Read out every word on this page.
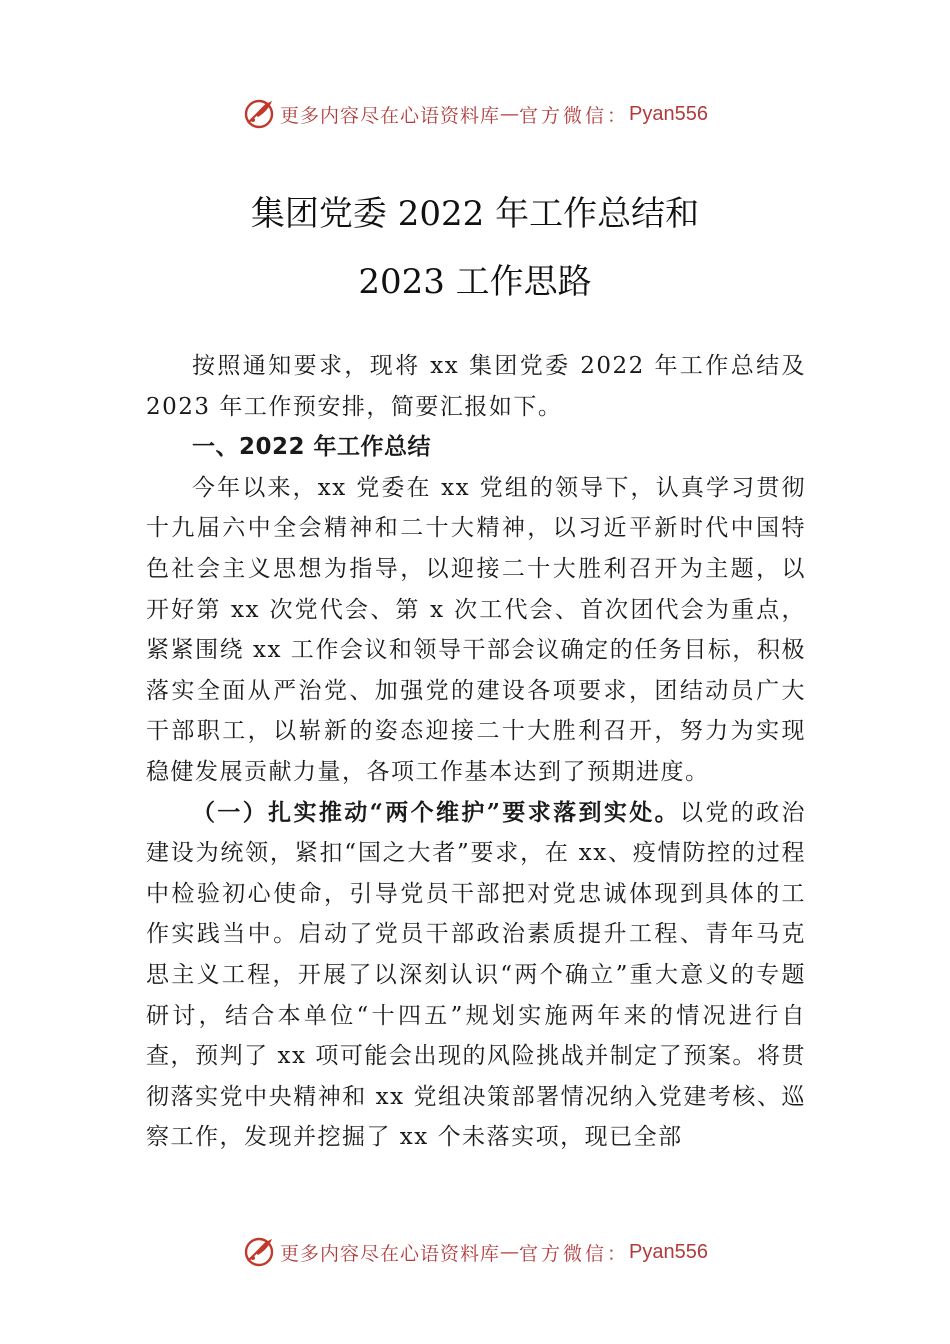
更多内容尽在心语资料库 — 官方微信： Pyan556
集团党委 2022 年工作总结和
2023 工作思路

按照通知要求，现将 xx 集团党委 2022 年工作总结及2023 年工作预安排，简要汇报如下。

一、2022 年工作总结

今年以来，xx 党委在 xx 党组的领导下，认真学习贯彻十九届六中全会精神和二十大精神，以习近平新时代中国特色社会主义思想为指导，以迎接二十大胜利召开为主题，以开好第 xx 次党代会、第 x 次工代会、首次团代会为重点，紧紧围绕 xx 工作会议和领导干部会议确定的任务目标，积极落实全面从严治党、加强党的建设各项要求，团结动员广大干部职工，以崭新的姿态迎接二十大胜利召开，努力为实现稳健发展贡献力量，各项工作基本达到了预期进度。

（一）扎实推动“两个维护”要求落到实处。以党的政治建设为统领，紧扣“国之大者”要求，在 xx、疫情防控的过程中检验初心使命，引导党员干部把对党忠诚体现到具体的工作实践当中。启动了党员干部政治素质提升工程、青年马克思主义工程，开展了以深刻认识“两个确立”重大意义的专题研讨，结合本单位“十四五”规划实施两年来的情况进行自查，预判了 xx 项可能会出现的风险挑战并制定了预案。将贯彻落实党中央精神和 xx 党组决策部署情况纳入党建考核、巡察工作，发现并挖掘了 xx 个未落实项，现已全部

更多内容尽在心语资料库 — 官方微信： Pyan556
